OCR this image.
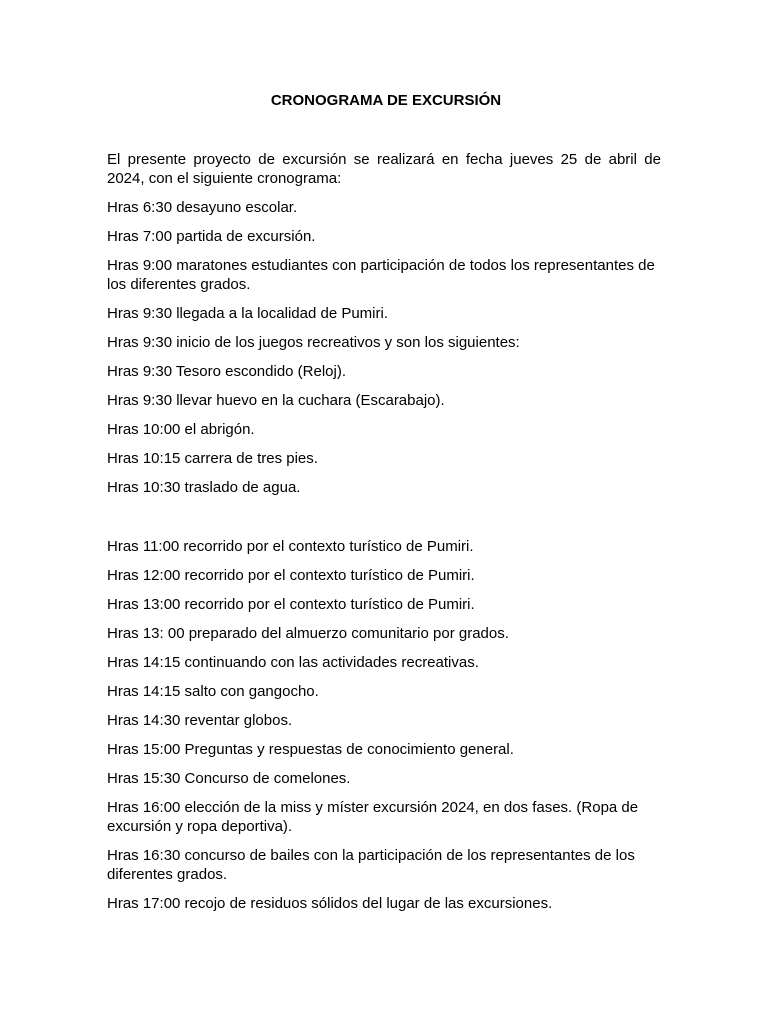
CRONOGRAMA DE EXCURSIÓN

El presente proyecto de excursión se realizará en fecha jueves 25 de abril de 2024, con el siguiente cronograma:

Hras 6:30 desayuno escolar.

Hras 7:00 partida de excursión.

Hras 9:00 maratones estudiantes con participación de todos los representantes de los diferentes grados.

Hras 9:30 llegada a la localidad de Pumiri.

Hras 9:30 inicio de los juegos recreativos y son los siguientes:

Hras 9:30 Tesoro escondido (Reloj).

Hras 9:30 llevar huevo en la cuchara (Escarabajo).

Hras 10:00 el abrigón.

Hras 10:15 carrera de tres pies.

Hras 10:30 traslado de agua.

Hras 11:00 recorrido por el contexto turístico de Pumiri.

Hras 12:00 recorrido por el contexto turístico de Pumiri.

Hras 13:00 recorrido por el contexto turístico de Pumiri.

Hras 13: 00 preparado del almuerzo comunitario por grados.

Hras 14:15 continuando con las actividades recreativas.

Hras 14:15 salto con gangocho.

Hras 14:30 reventar globos.

Hras 15:00 Preguntas y respuestas de conocimiento general.

Hras 15:30 Concurso de comelones.

Hras 16:00 elección de la miss y míster excursión 2024, en dos fases. (Ropa de excursión y ropa deportiva).

Hras 16:30 concurso de bailes con la participación de los representantes de los diferentes grados.

Hras 17:00 recojo de residuos sólidos del lugar de las excursiones.
